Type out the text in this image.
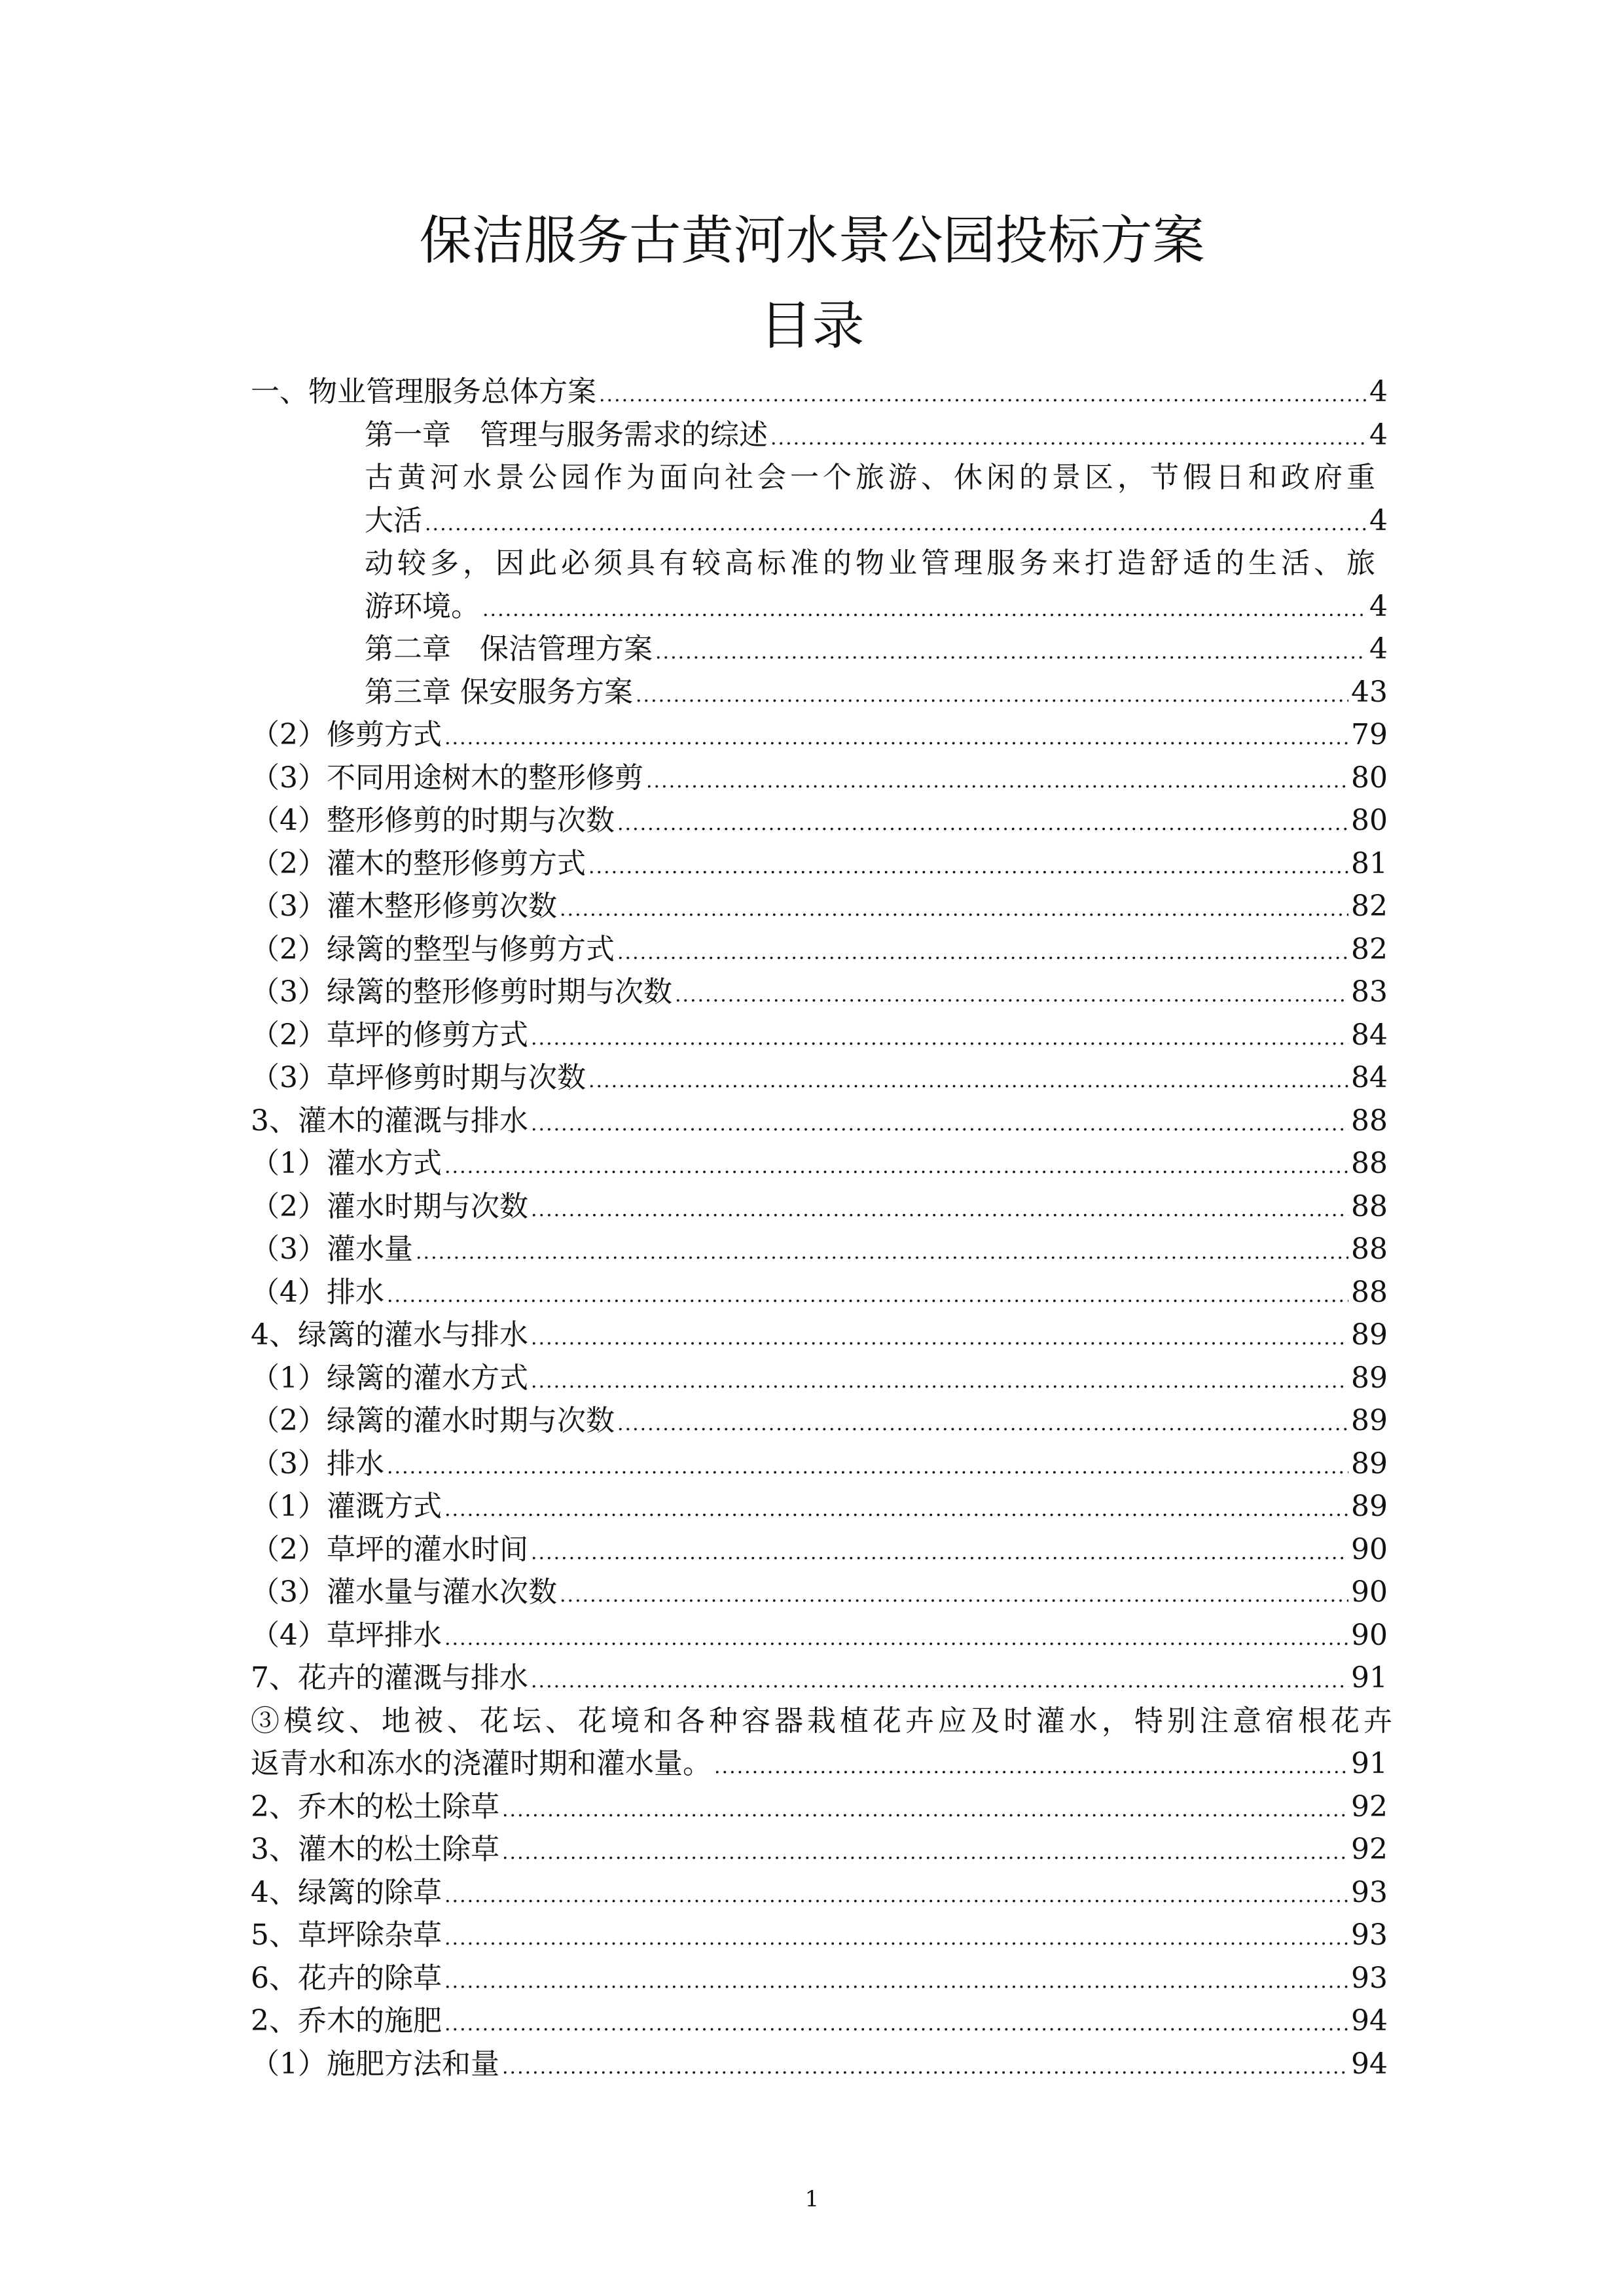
保洁服务古黄河水景公园投标方案
目录
一、物业管理服务总体方案 .....	4
第一章　管理与服务需求的综述 .....	4
古黄河水景公园作为面向社会一个旅游、休闲的景区，节假日和政府重
大活 .....	4
动较多，因此必须具有较高标准的物业管理服务来打造舒适的生活、旅
游环境。 .....	4
第二章　保洁管理方案 .....	4
第三章 保安服务方案 .....	43
（2）修剪方式 .....	79
（3）不同用途树木的整形修剪 .....	80
（4）整形修剪的时期与次数 .....	80
（2）灌木的整形修剪方式 .....	81
（3）灌木整形修剪次数 .....	82
（2）绿篱的整型与修剪方式 .....	82
（3）绿篱的整形修剪时期与次数 .....	83
（2）草坪的修剪方式 .....	84
（3）草坪修剪时期与次数 .....	84
3、灌木的灌溉与排水 .....	88
（1）灌水方式 .....	88
（2）灌水时期与次数 .....	88
（3）灌水量 .....	88
（4）排水 .....	88
4、绿篱的灌水与排水 .....	89
（1）绿篱的灌水方式 .....	89
（2）绿篱的灌水时期与次数 .....	89
（3）排水 .....	89
（1）灌溉方式 .....	89
（2）草坪的灌水时间 .....	90
（3）灌水量与灌水次数 .....	90
（4）草坪排水 .....	90
7、花卉的灌溉与排水 .....	91
③模纹、地被、花坛、花境和各种容器栽植花卉应及时灌水，特别注意宿根花卉
返青水和冻水的浇灌时期和灌水量。 .....	91
2、乔木的松土除草 .....	92
3、灌木的松土除草 .....	92
4、绿篱的除草 .....	93
5、草坪除杂草 .....	93
6、花卉的除草 .....	93
2、乔木的施肥 .....	94
（1）施肥方法和量 .....	94
1
